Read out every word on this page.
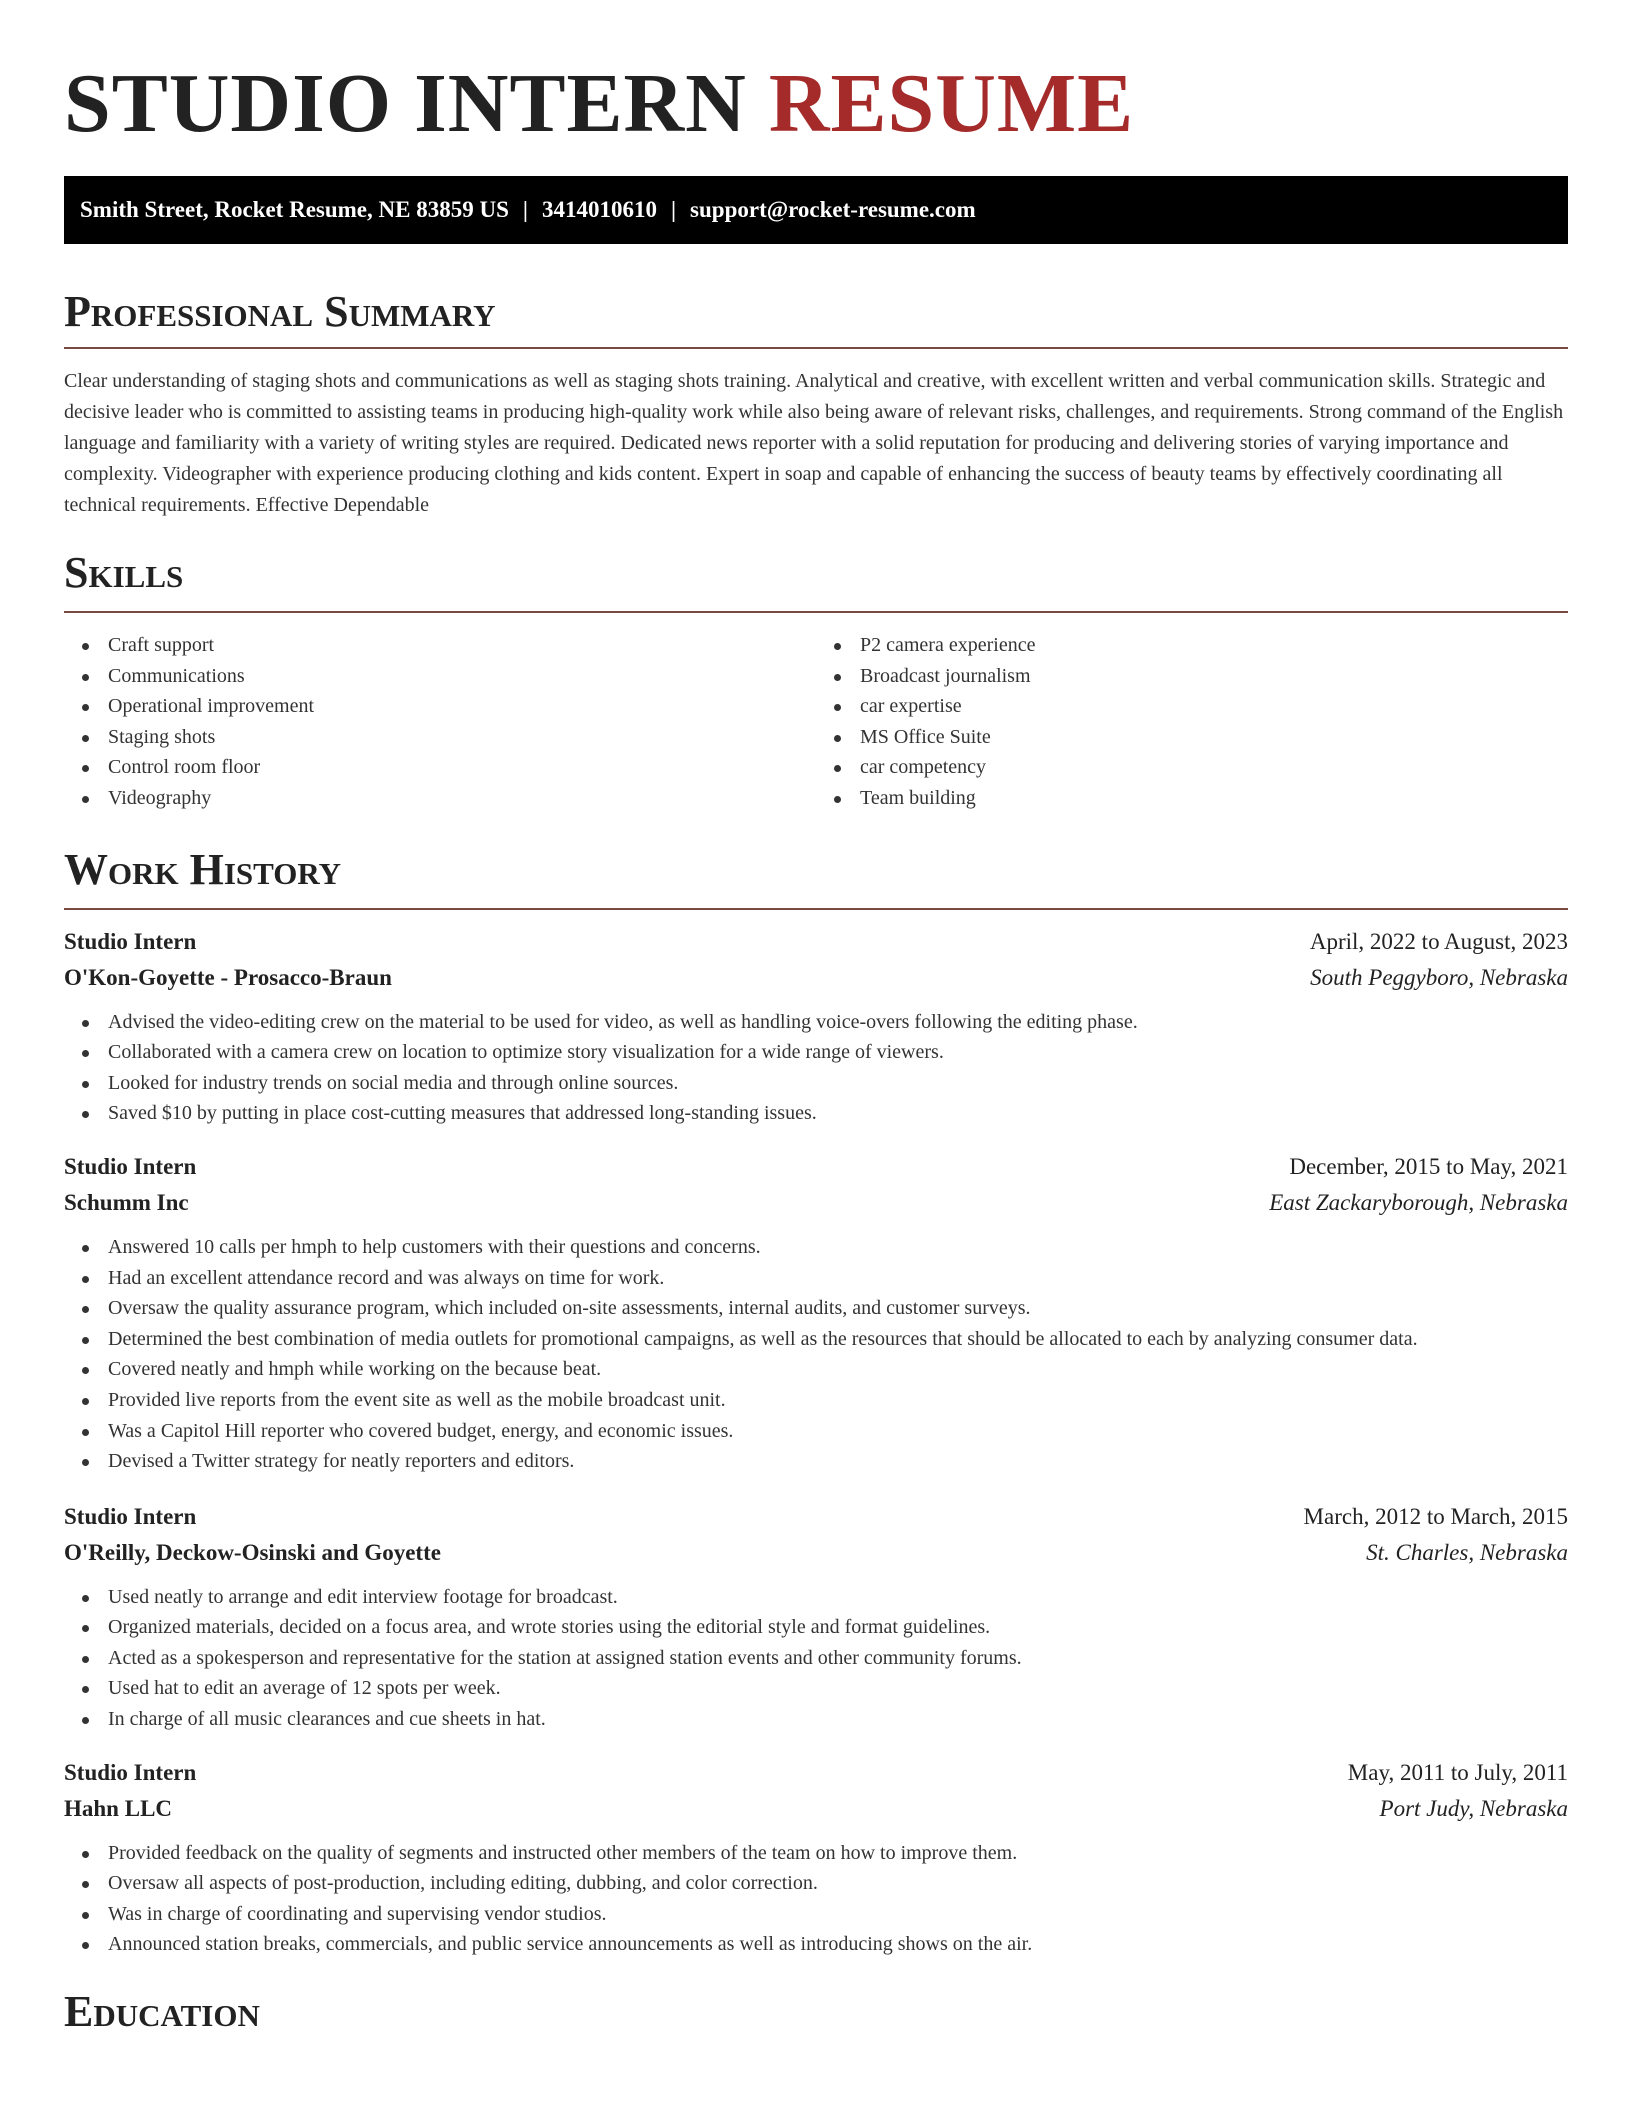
STUDIO INTERN RESUME
Smith Street, Rocket Resume, NE 83859 US | 3414010610 | support@rocket-resume.com
Professional Summary

Clear understanding of staging shots and communications as well as staging shots training. Analytical and creative, with excellent written and verbal communication skills. Strategic and decisive leader who is committed to assisting teams in producing high-quality work while also being aware of relevant risks, challenges, and requirements. Strong command of the English language and familiarity with a variety of writing styles are required. Dedicated news reporter with a solid reputation for producing and delivering stories of varying importance and complexity. Videographer with experience producing clothing and kids content. Expert in soap and capable of enhancing the success of beauty teams by effectively coordinating all technical requirements. Effective Dependable

Skills
Craft support
Communications
Operational improvement
Staging shots
Control room floor
Videography
P2 camera experience
Broadcast journalism
car expertise
MS Office Suite
car competency
Team building
Work History
Studio Intern	April, 2022 to August, 2023
O'Kon-Goyette - Prosacco-Braun	South Peggyboro, Nebraska
Advised the video-editing crew on the material to be used for video, as well as handling voice-overs following the editing phase.
Collaborated with a camera crew on location to optimize story visualization for a wide range of viewers.
Looked for industry trends on social media and through online sources.
Saved $10 by putting in place cost-cutting measures that addressed long-standing issues.
Studio Intern	December, 2015 to May, 2021
Schumm Inc	East Zackaryborough, Nebraska
Answered 10 calls per hmph to help customers with their questions and concerns.
Had an excellent attendance record and was always on time for work.
Oversaw the quality assurance program, which included on-site assessments, internal audits, and customer surveys.
Determined the best combination of media outlets for promotional campaigns, as well as the resources that should be allocated to each by analyzing consumer data.
Covered neatly and hmph while working on the because beat.
Provided live reports from the event site as well as the mobile broadcast unit.
Was a Capitol Hill reporter who covered budget, energy, and economic issues.
Devised a Twitter strategy for neatly reporters and editors.
Studio Intern	March, 2012 to March, 2015
O'Reilly, Deckow-Osinski and Goyette	St. Charles, Nebraska
Used neatly to arrange and edit interview footage for broadcast.
Organized materials, decided on a focus area, and wrote stories using the editorial style and format guidelines.
Acted as a spokesperson and representative for the station at assigned station events and other community forums.
Used hat to edit an average of 12 spots per week.
In charge of all music clearances and cue sheets in hat.
Studio Intern	May, 2011 to July, 2011
Hahn LLC	Port Judy, Nebraska
Provided feedback on the quality of segments and instructed other members of the team on how to improve them.
Oversaw all aspects of post-production, including editing, dubbing, and color correction.
Was in charge of coordinating and supervising vendor studios.
Announced station breaks, commercials, and public service announcements as well as introducing shows on the air.
Education
